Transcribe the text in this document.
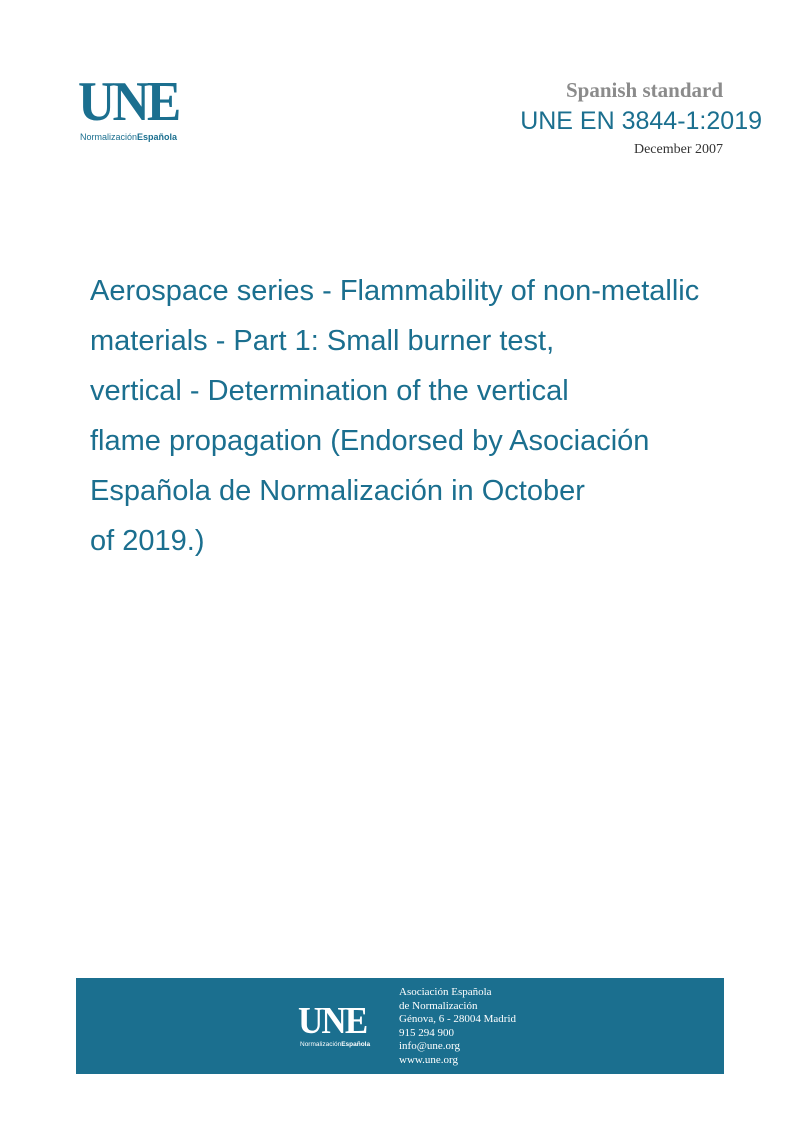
UNE
NormalizaciónEspañola
Spanish standard
UNE EN 3844-1:2019
December 2007
Aerospace series - Flammability of non-metallic
materials - Part 1: Small burner test,
vertical - Determination of the vertical
flame propagation (Endorsed by Asociación
Española de Normalización in October
of 2019.)
UNE
NormalizaciónEspañola
Asociación Española
de Normalización
Génova, 6 - 28004 Madrid
915 294 900
info@une.org
www.une.org
